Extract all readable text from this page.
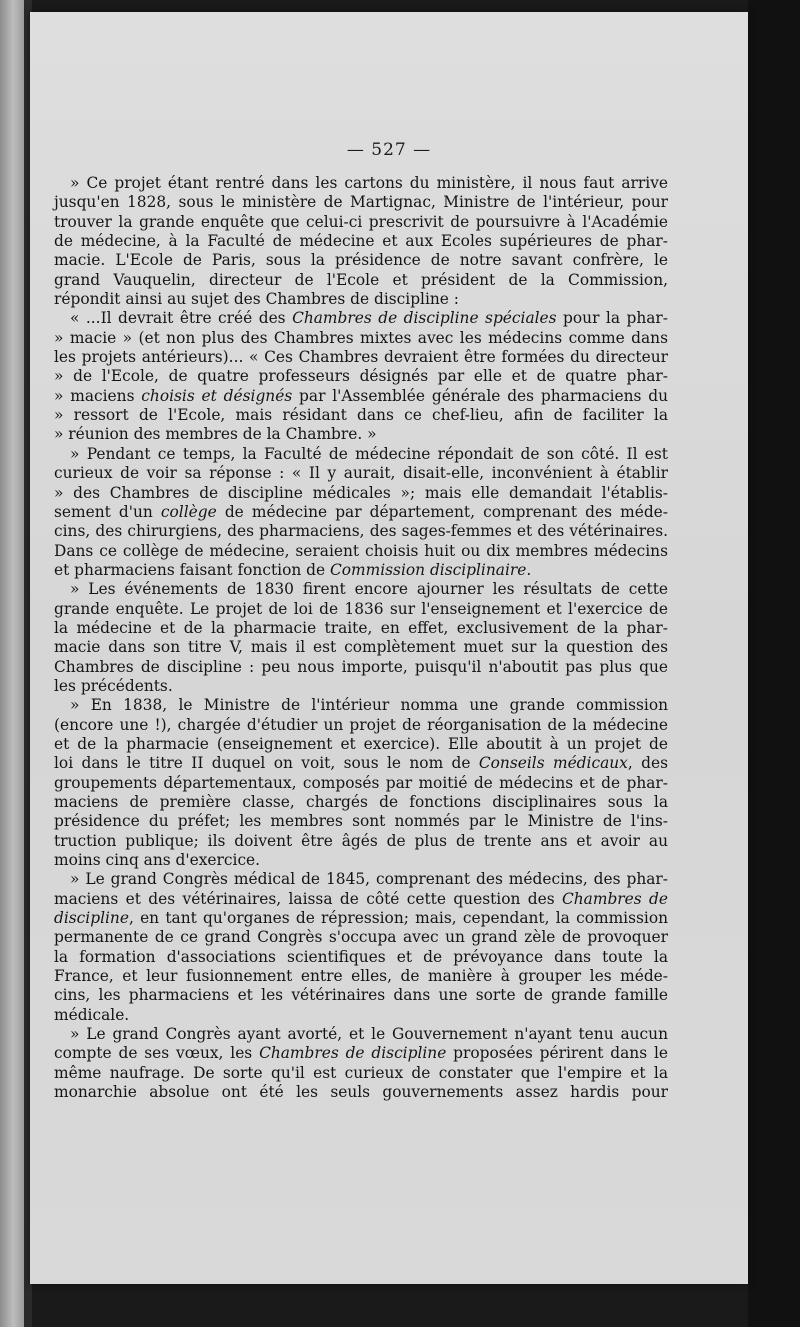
— 527 —
» Ce projet étant rentré dans les cartons du ministère, il nous faut arrive
jusqu'en 1828, sous le ministère de Martignac, Ministre de l'intérieur, pour
trouver la grande enquête que celui-ci prescrivit de poursuivre à l'Académie
de médecine, à la Faculté de médecine et aux Ecoles supérieures de phar-
macie. L'Ecole de Paris, sous la présidence de notre savant confrère, le
grand Vauquelin, directeur de l'Ecole et président de la Commission,
répondit ainsi au sujet des Chambres de discipline :
« ...Il devrait être créé des Chambres de discipline spéciales pour la phar-
» macie » (et non plus des Chambres mixtes avec les médecins comme dans
les projets antérieurs)... « Ces Chambres devraient être formées du directeur
» de l'Ecole, de quatre professeurs désignés par elle et de quatre phar-
» maciens choisis et désignés par l'Assemblée générale des pharmaciens du
» ressort de l'Ecole, mais résidant dans ce chef-lieu, afin de faciliter la
» réunion des membres de la Chambre. »
» Pendant ce temps, la Faculté de médecine répondait de son côté. Il est
curieux de voir sa réponse : « Il y aurait, disait-elle, inconvénient à établir
» des Chambres de discipline médicales »; mais elle demandait l'établis-
sement d'un collège de médecine par département, comprenant des méde-
cins, des chirurgiens, des pharmaciens, des sages-femmes et des vétérinaires.
Dans ce collège de médecine, seraient choisis huit ou dix membres médecins
et pharmaciens faisant fonction de Commission disciplinaire.
» Les événements de 1830 firent encore ajourner les résultats de cette
grande enquête. Le projet de loi de 1836 sur l'enseignement et l'exercice de
la médecine et de la pharmacie traite, en effet, exclusivement de la phar-
macie dans son titre V, mais il est complètement muet sur la question des
Chambres de discipline : peu nous importe, puisqu'il n'aboutit pas plus que
les précédents.
» En 1838, le Ministre de l'intérieur nomma une grande commission
(encore une !), chargée d'étudier un projet de réorganisation de la médecine
et de la pharmacie (enseignement et exercice). Elle aboutit à un projet de
loi dans le titre II duquel on voit, sous le nom de Conseils médicaux, des
groupements départementaux, composés par moitié de médecins et de phar-
maciens de première classe, chargés de fonctions disciplinaires sous la
présidence du préfet; les membres sont nommés par le Ministre de l'ins-
truction publique; ils doivent être âgés de plus de trente ans et avoir au
moins cinq ans d'exercice.
» Le grand Congrès médical de 1845, comprenant des médecins, des phar-
maciens et des vétérinaires, laissa de côté cette question des Chambres de
discipline, en tant qu'organes de répression; mais, cependant, la commission
permanente de ce grand Congrès s'occupa avec un grand zèle de provoquer
la formation d'associations scientifiques et de prévoyance dans toute la
France, et leur fusionnement entre elles, de manière à grouper les méde-
cins, les pharmaciens et les vétérinaires dans une sorte de grande famille
médicale.
» Le grand Congrès ayant avorté, et le Gouvernement n'ayant tenu aucun
compte de ses vœux, les Chambres de discipline proposées périrent dans le
même naufrage. De sorte qu'il est curieux de constater que l'empire et la
monarchie absolue ont été les seuls gouvernements assez hardis pour
